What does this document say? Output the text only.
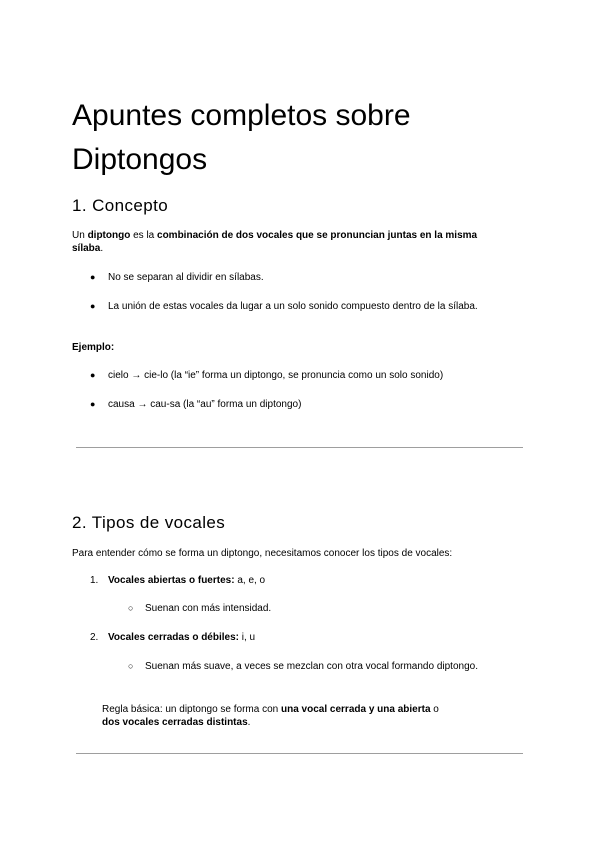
Apuntes completos sobre Diptongos
1. Concepto
Un diptongo es la combinación de dos vocales que se pronuncian juntas en la misma
sílaba.
● No se separan al dividir en sílabas.
● La unión de estas vocales da lugar a un solo sonido compuesto dentro de la sílaba.
Ejemplo:
● cielo → cie-lo (la “ie” forma un diptongo, se pronuncia como un solo sonido)
● causa → cau-sa (la “au” forma un diptongo)
2. Tipos de vocales
Para entender cómo se forma un diptongo, necesitamos conocer los tipos de vocales:
1. Vocales abiertas o fuertes: a, e, o
○ Suenan con más intensidad.
2. Vocales cerradas o débiles: i, u
○ Suenan más suave, a veces se mezclan con otra vocal formando diptongo.
Regla básica: un diptongo se forma con una vocal cerrada y una abierta o
dos vocales cerradas distintas.
